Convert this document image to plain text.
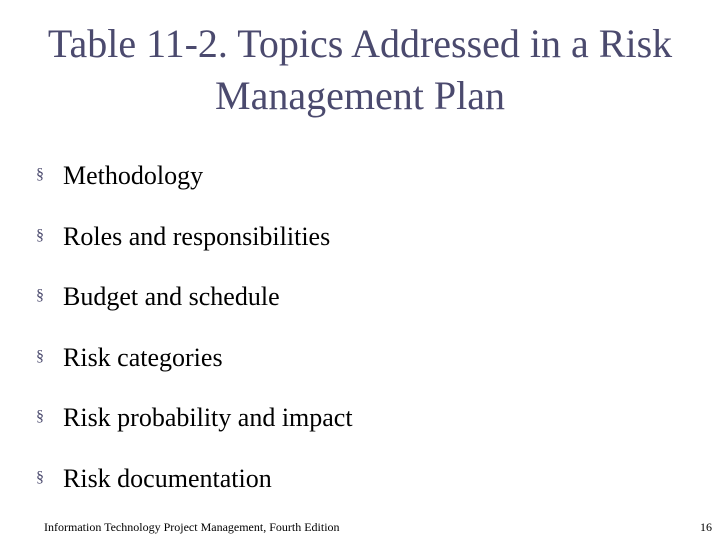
Table 11-2. Topics Addressed in a Risk Management Plan
§ Methodology
§ Roles and responsibilities
§ Budget and schedule
§ Risk categories
§ Risk probability and impact
§ Risk documentation
Information Technology Project Management, Fourth Edition	16
